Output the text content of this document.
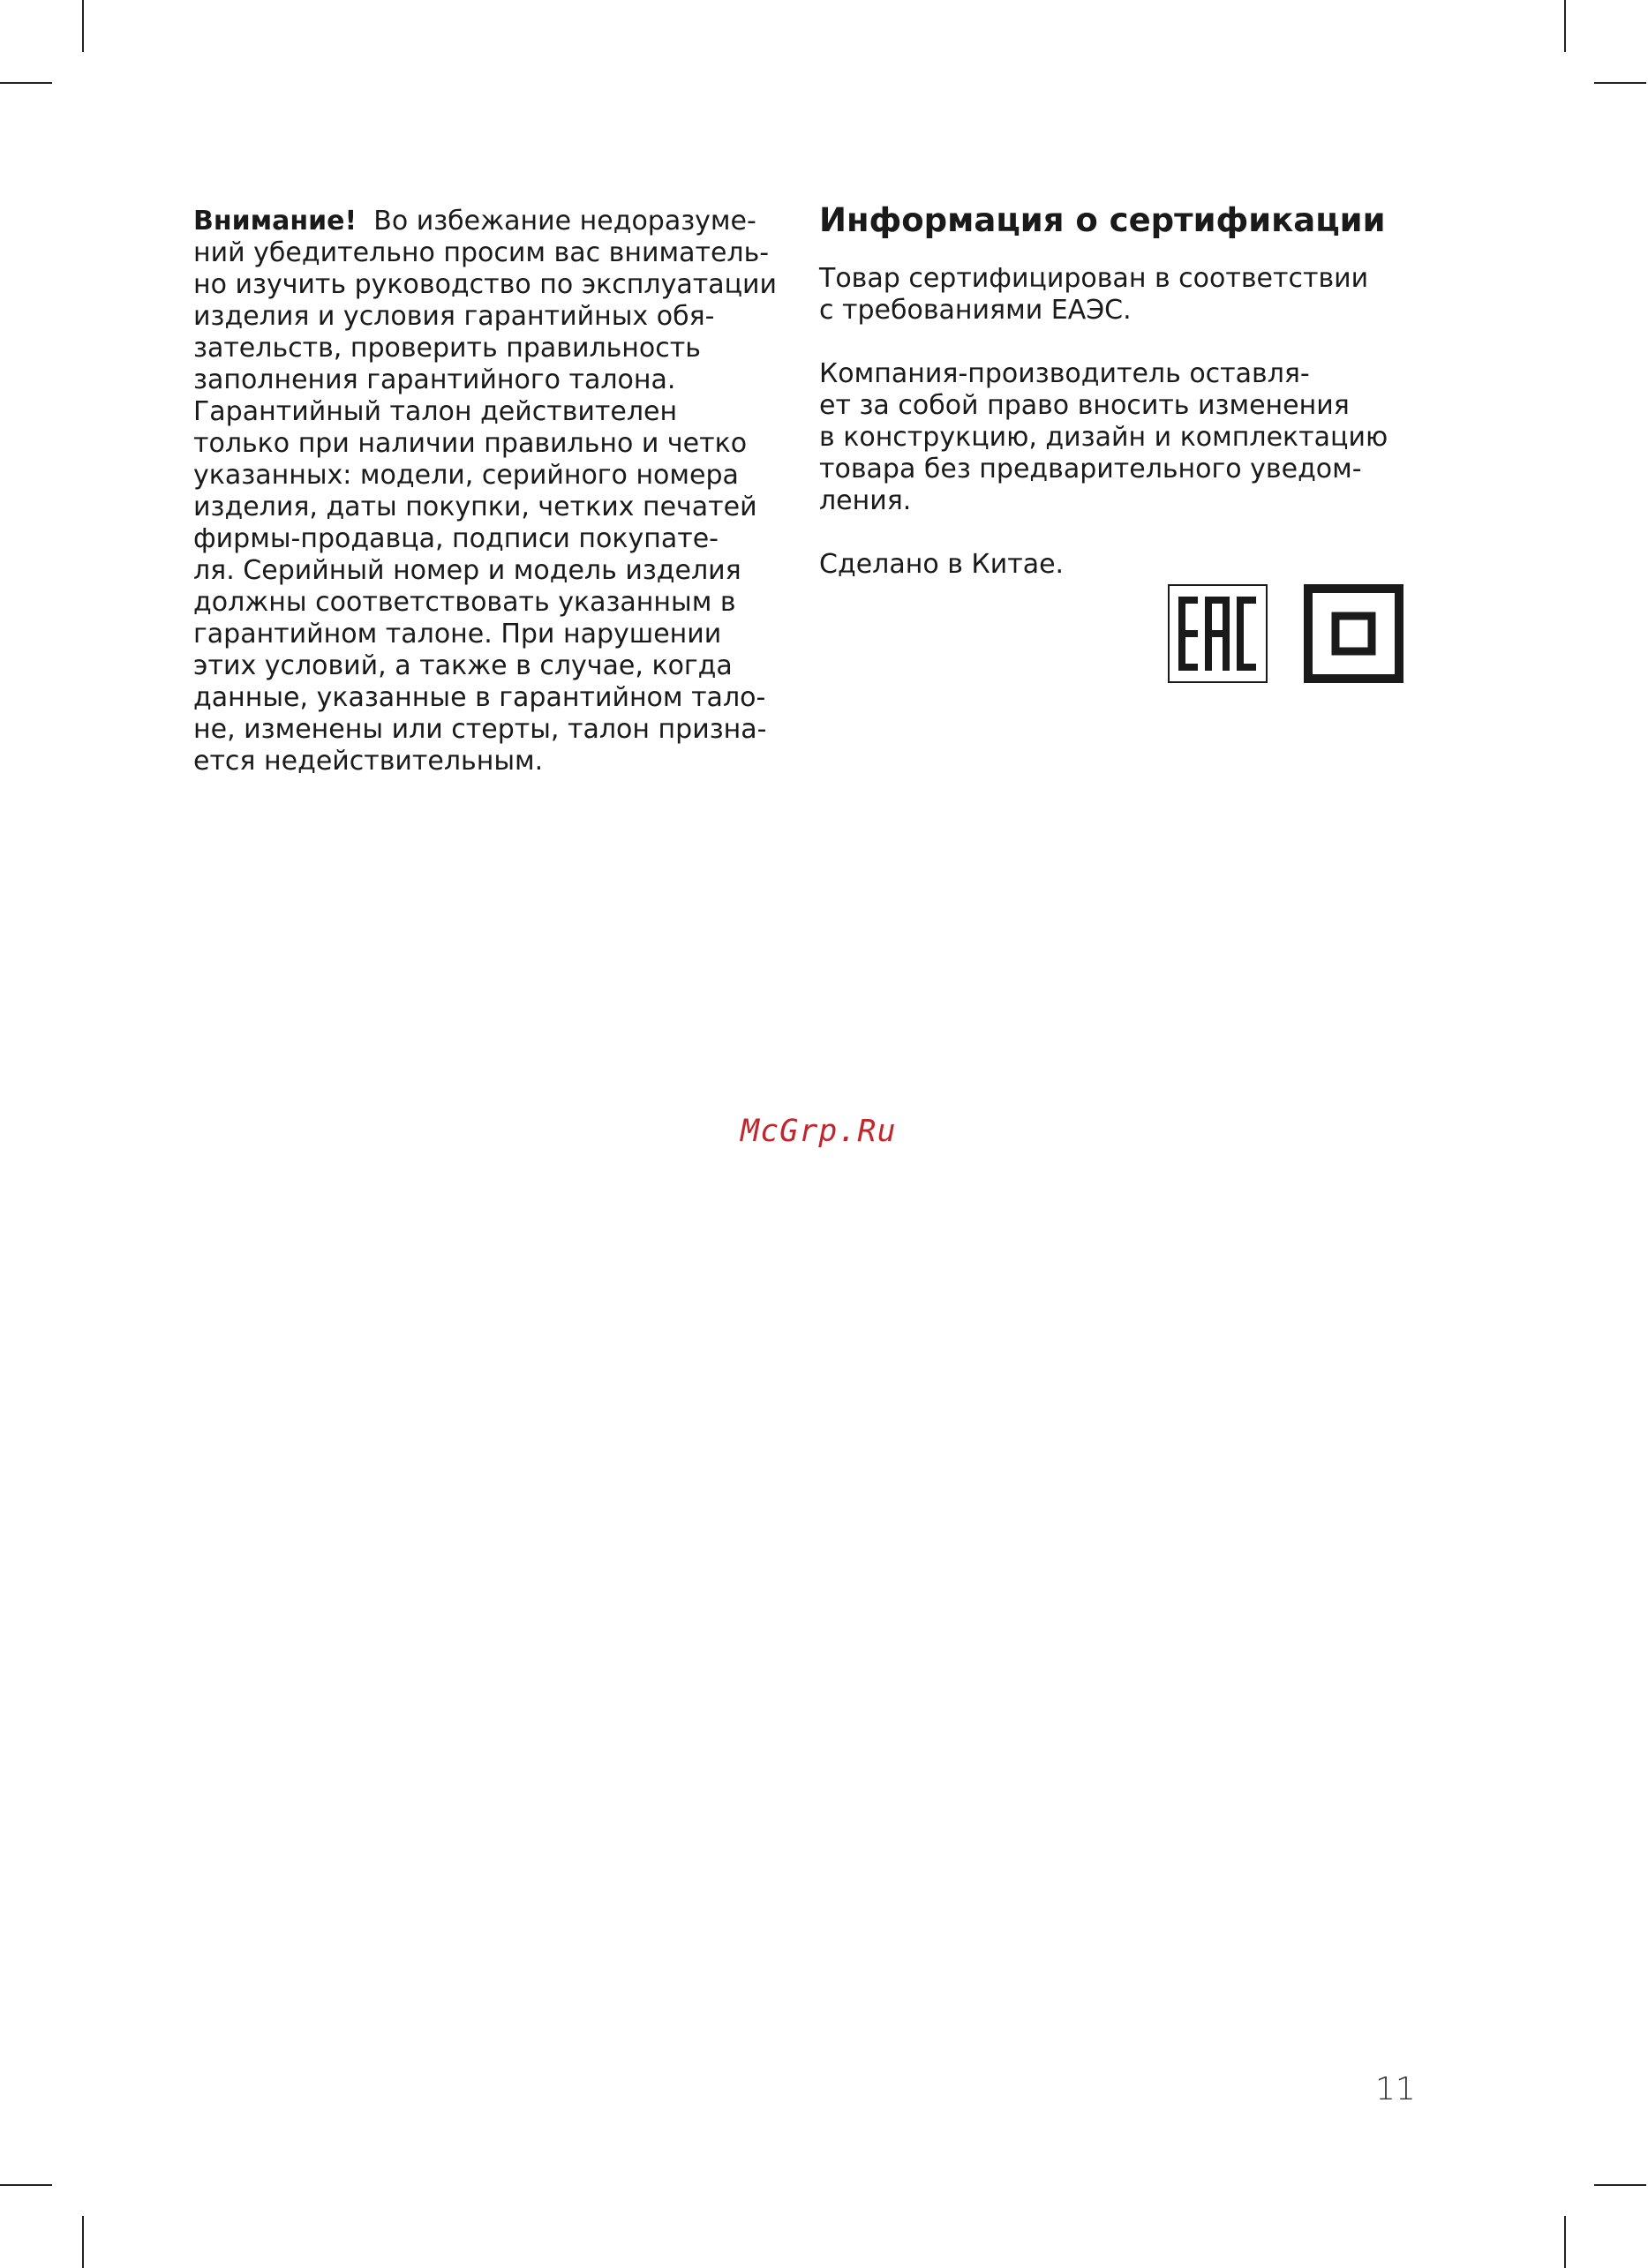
Внимание! Во избежание недоразуме-
ний убедительно просим вас вниматель-
но изучить руководство по эксплуатации
изделия и условия гарантийных обя-
зательств, проверить правильность
заполнения гарантийного талона.
Гарантийный талон действителен
только при наличии правильно и четко
указанных: модели, серийного номера
изделия, даты покупки, четких печатей
фирмы-продавца, подписи покупате-
ля. Серийный номер и модель изделия
должны соответствовать указанным в
гарантийном талоне. При нарушении
этих условий, а также в случае, когда
данные, указанные в гарантийном тало-
не, изменены или стерты, талон призна-
ется недействительным.
Информация о сертификации
Товар сертифицирован в соответствии
с требованиями ЕАЭС.
Компания-производитель оставля-
ет за собой право вносить изменения
в конструкцию, дизайн и комплектацию
товара без предварительного уведом-
ления.
Сделано в Китае.
McGrp.Ru
11
